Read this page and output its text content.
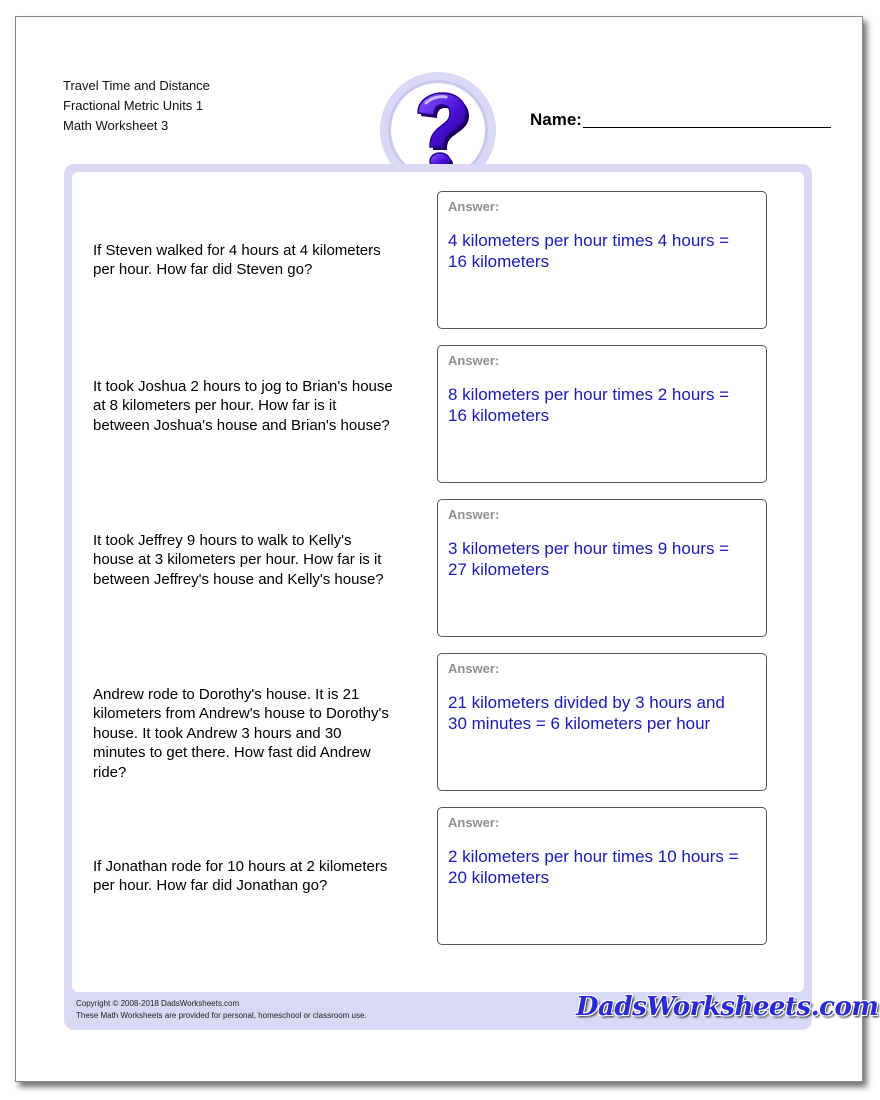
Travel Time and Distance
Fractional Metric Units 1
Math Worksheet 3	Name:
If Steven walked for 4 hours at 4 kilometers per hour. How far did Steven go?
Answer:
4 kilometers per hour times 4 hours = 16 kilometers
It took Joshua 2 hours to jog to Brian's house at 8 kilometers per hour. How far is it between Joshua's house and Brian's house?
Answer:
8 kilometers per hour times 2 hours = 16 kilometers
It took Jeffrey 9 hours to walk to Kelly's house at 3 kilometers per hour. How far is it between Jeffrey's house and Kelly's house?
Answer:
3 kilometers per hour times 9 hours = 27 kilometers
Andrew rode to Dorothy's house. It is 21 kilometers from Andrew's house to Dorothy's house. It took Andrew 3 hours and 30 minutes to get there. How fast did Andrew ride?
Answer:
21 kilometers divided by 3 hours and 30 minutes = 6 kilometers per hour
If Jonathan rode for 10 hours at 2 kilometers per hour. How far did Jonathan go?
Answer:
2 kilometers per hour times 10 hours = 20 kilometers
Copyright © 2008-2018 DadsWorksheets.com
These Math Worksheets are provided for personal, homeschool or classroom use.	DadsWorksheets.com
